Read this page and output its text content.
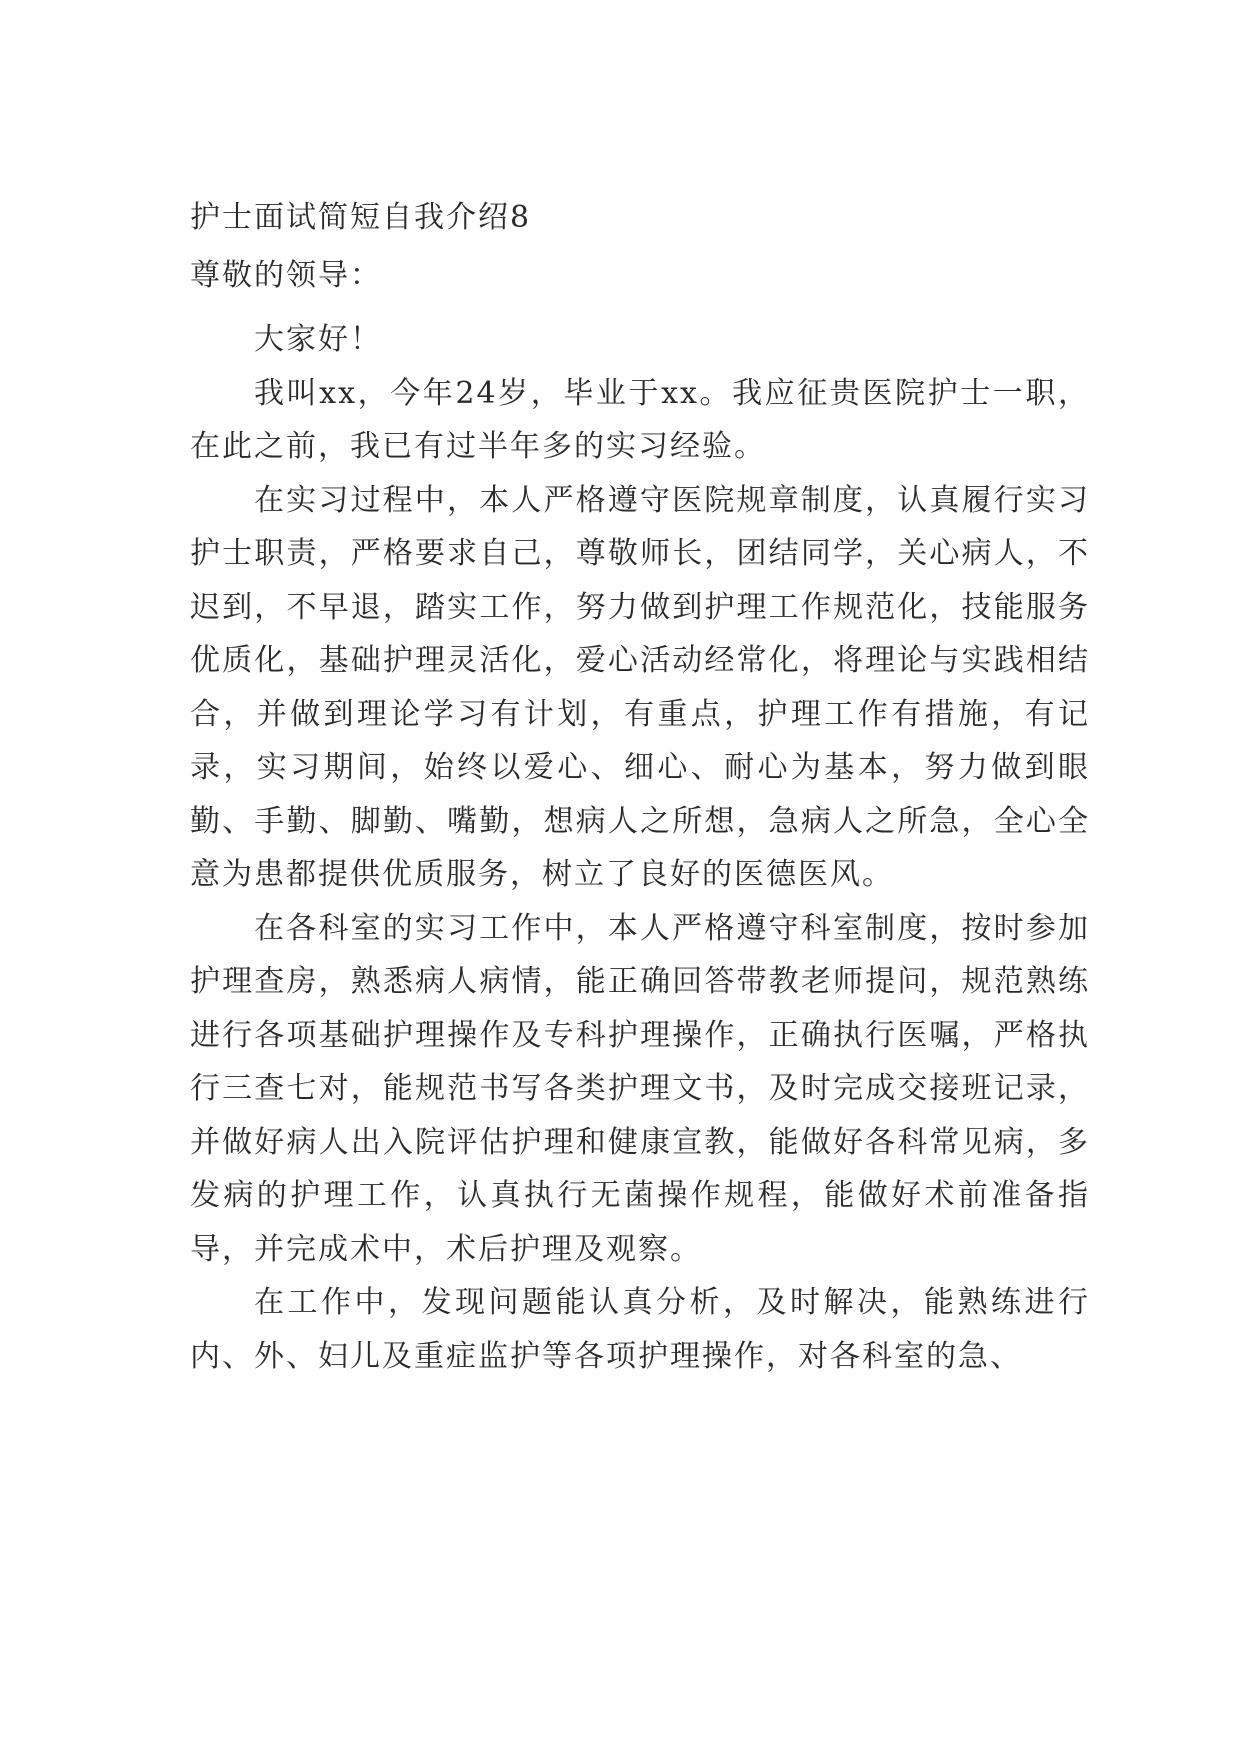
护士面试简短自我介绍8
尊敬的领导：

大家好！

我叫xx，今年24岁，毕业于xx。我应征贵医院护士一职，在此之前，我已有过半年多的实习经验。

在实习过程中，本人严格遵守医院规章制度，认真履行实习护士职责，严格要求自己，尊敬师长，团结同学，关心病人，不迟到，不早退，踏实工作，努力做到护理工作规范化，技能服务优质化，基础护理灵活化，爱心活动经常化，将理论与实践相结合，并做到理论学习有计划，有重点，护理工作有措施，有记录，实习期间，始终以爱心、细心、耐心为基本，努力做到眼勤、手勤、脚勤、嘴勤，想病人之所想，急病人之所急，全心全意为患都提供优质服务，树立了良好的医德医风。

在各科室的实习工作中，本人严格遵守科室制度，按时参加护理查房，熟悉病人病情，能正确回答带教老师提问，规范熟练进行各项基础护理操作及专科护理操作，正确执行医嘱，严格执行三查七对，能规范书写各类护理文书，及时完成交接班记录，并做好病人出入院评估护理和健康宣教，能做好各科常见病，多发病的护理工作，认真执行无菌操作规程，能做好术前准备指导，并完成术中，术后护理及观察。

在工作中，发现问题能认真分析，及时解决，能熟练进行内、外、妇儿及重症监护等各项护理操作，对各科室的急、
